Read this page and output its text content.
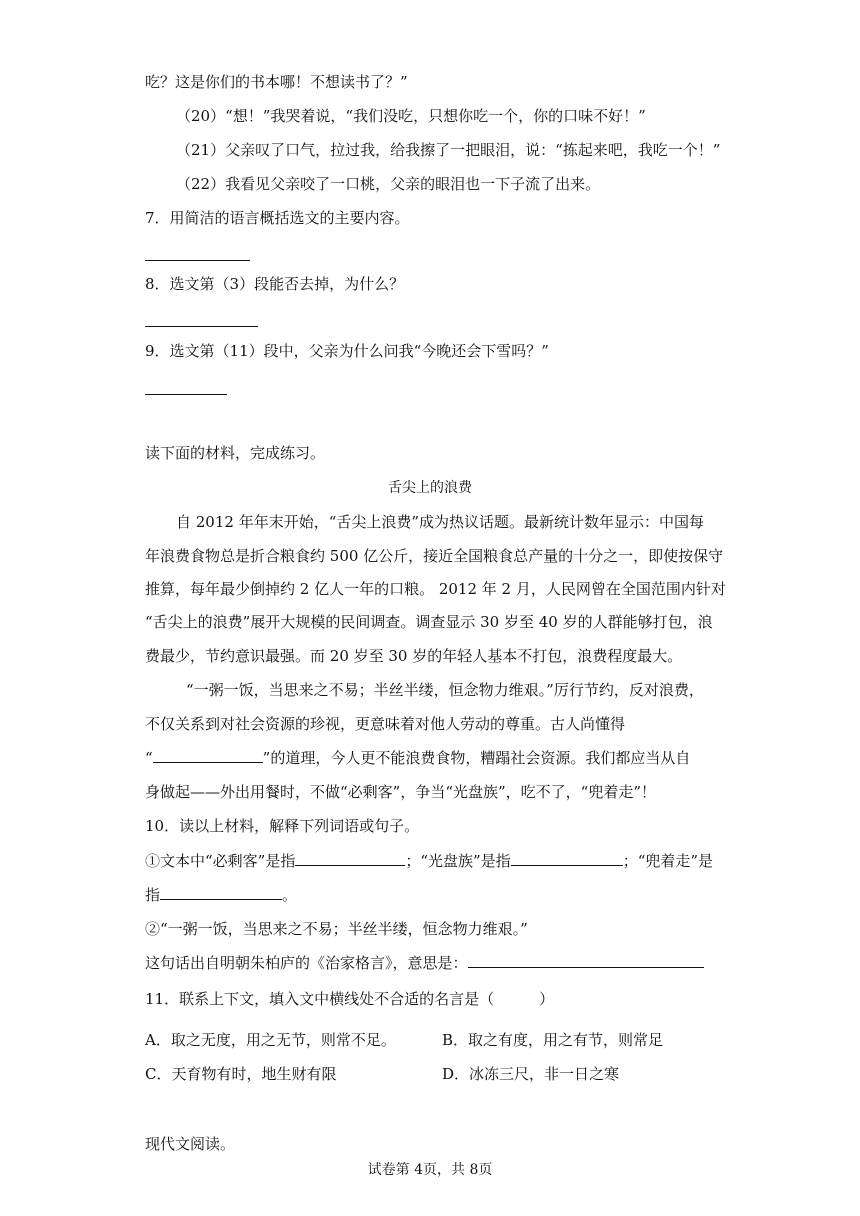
吃？这是你们的书本哪！不想读书了？”
（20）“想！”我哭着说，“我们没吃，只想你吃一个，你的口味不好！”
（21）父亲叹了口气，拉过我，给我擦了一把眼泪，说：“拣起来吧，我吃一个！”
（22）我看见父亲咬了一口桃，父亲的眼泪也一下子流了出来。
7．用简洁的语言概括选文的主要内容。
8．选文第（3）段能否去掉，为什么？
9．选文第（11）段中，父亲为什么问我“今晚还会下雪吗？”
读下面的材料，完成练习。
舌尖上的浪费
自 2012 年年末开始，“舌尖上浪费”成为热议话题。最新统计数年显示：中国每
年浪费食物总是折合粮食约 500 亿公斤，接近全国粮食总产量的十分之一，即使按保守
推算，每年最少倒掉约 2 亿人一年的口粮。 2012 年 2 月，人民网曾在全国范围内针对
“舌尖上的浪费”展开大规模的民间调查。调查显示 30 岁至 40 岁的人群能够打包，浪
费最少，节约意识最强。而 20 岁至 30 岁的年轻人基本不打包，浪费程度最大。
“一粥一饭，当思来之不易；半丝半缕，恒念物力维艰。”厉行节约，反对浪费，
不仅关系到对社会资源的珍视，更意味着对他人劳动的尊重。古人尚懂得
“	”的道理，今人更不能浪费食物，糟蹋社会资源。我们都应当从自
身做起——外出用餐时，不做“必剩客”，争当“光盘族”，吃不了，“兜着走”！
10．读以上材料，解释下列词语或句子。
①文本中“必剩客”是指	；“光盘族”是指	；“兜着走”是
指	。
②“一粥一饭，当思来之不易；半丝半缕，恒念物力维艰。”
这句话出自明朝朱柏庐的《治家格言》，意思是：
11．联系上下文，填入文中横线处不合适的名言是（　　　）
A．取之无度，用之无节，则常不足。	B．取之有度，用之有节，则常足
C．天育物有时，地生财有限	D．冰冻三尺，非一日之寒
现代文阅读。
试卷第 4页，共 8页
